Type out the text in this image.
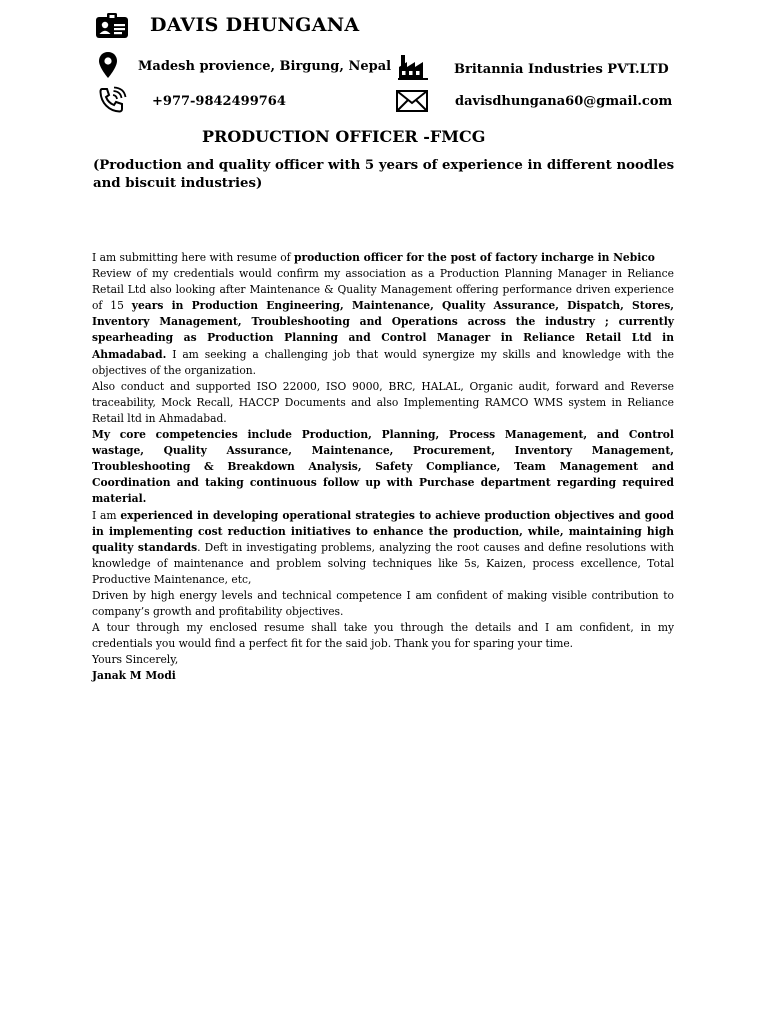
DAVIS DHUNGANA
Madesh provience, Birgung, Nepal	Britannia Industries PVT.LTD
+977-9842499764	davisdhungana60@gmail.com
PRODUCTION OFFICER -FMCG
(Production and quality officer with 5 years of experience in different noodles and biscuit industries)

I am submitting here with resume of production officer for the post of factory incharge in Nebico

Review of my credentials would confirm my association as a Production Planning Manager in Reliance Retail Ltd also looking after Maintenance & Quality Management offering performance driven experience of 15 years in Production Engineering, Maintenance, Quality Assurance, Dispatch, Stores, Inventory Management, Troubleshooting and Operations across the industry ; currently spearheading as Production Planning and Control Manager in Reliance Retail Ltd in Ahmadabad. I am seeking a challenging job that would synergize my skills and knowledge with the objectives of the organization.

Also conduct and supported ISO 22000, ISO 9000, BRC, HALAL, Organic audit, forward and Reverse traceability, Mock Recall, HACCP Documents and also Implementing RAMCO WMS system in Reliance Retail ltd in Ahmadabad.

My core competencies include Production, Planning, Process Management, and Control wastage, Quality Assurance, Maintenance, Procurement, Inventory Management, Troubleshooting & Breakdown Analysis, Safety Compliance, Team Management and Coordination and taking continuous follow up with Purchase department regarding required material.

I am experienced in developing operational strategies to achieve production objectives and good in implementing cost reduction initiatives to enhance the production, while, maintaining high quality standards. Deft in investigating problems, analyzing the root causes and define resolutions with knowledge of maintenance and problem solving techniques like 5s, Kaizen, process excellence, Total Productive Maintenance, etc,

Driven by high energy levels and technical competence I am confident of making visible contribution to company’s growth and profitability objectives.

A tour through my enclosed resume shall take you through the details and I am confident, in my credentials you would find a perfect fit for the said job. Thank you for sparing your time.

Yours Sincerely,

Janak M Modi
